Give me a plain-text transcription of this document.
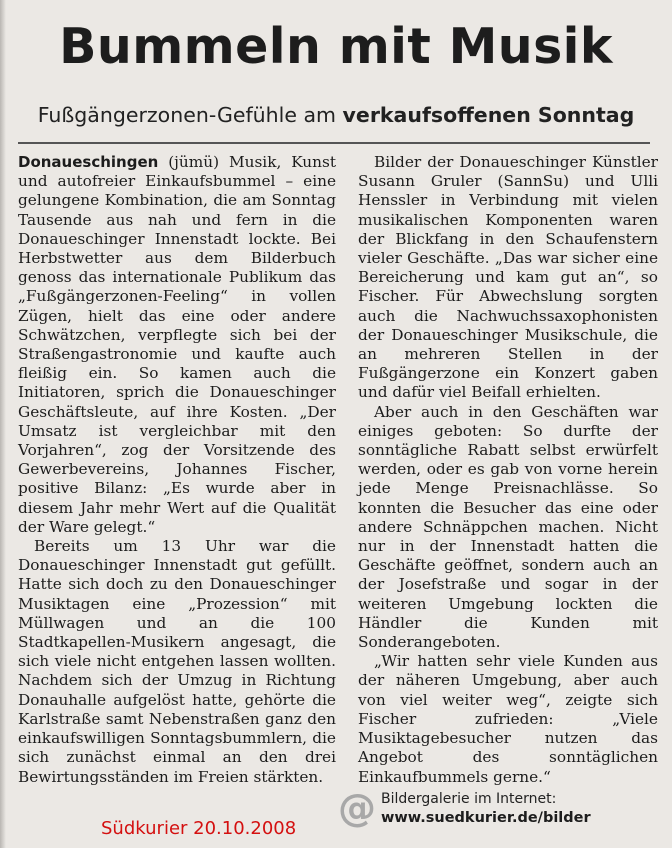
Bummeln mit Musik
Fußgängerzonen-Gefühle am verkaufsoffenen Sonntag

Donaueschingen (jümü) Musik, Kunst und autofreier Einkaufsbummel – eine gelungene Kombination, die am Sonntag Tausende aus nah und fern in die Donaueschinger Innenstadt lockte. Bei Herbstwetter aus dem Bilderbuch genoss das internationale Publikum das „Fußgängerzonen-Feeling“ in vollen Zügen, hielt das eine oder andere Schwätzchen, verpflegte sich bei der Straßengastronomie und kaufte auch fleißig ein. So kamen auch die Initiatoren, sprich die Donaueschinger Geschäftsleute, auf ihre Kosten. „Der Umsatz ist vergleichbar mit den Vorjahren“, zog der Vorsitzende des Gewerbevereins, Johannes Fischer, positive Bilanz: „Es wurde aber in diesem Jahr mehr Wert auf die Qualität der Ware gelegt.“

Bereits um 13 Uhr war die Donaueschinger Innenstadt gut gefüllt. Hatte sich doch zu den Donaueschinger Musiktagen eine „Prozession“ mit Müllwagen und an die 100 Stadtkapellen-Musikern angesagt, die sich viele nicht entgehen lassen wollten. Nachdem sich der Umzug in Richtung Donauhalle aufgelöst hatte, gehörte die Karlstraße samt Nebenstraßen ganz den einkaufswilligen Sonntagsbummlern, die sich zunächst einmal an den drei Bewirtungsständen im Freien stärkten.

Bilder der Donaueschinger Künstler Susann Gruler (SannSu) und Ulli Henssler in Verbindung mit vielen musikalischen Komponenten waren der Blickfang in den Schaufenstern vieler Geschäfte. „Das war sicher eine Bereicherung und kam gut an“, so Fischer. Für Abwechslung sorgten auch die Nachwuchssaxophonisten der Donaueschinger Musikschule, die an mehreren Stellen in der Fußgängerzone ein Konzert gaben und dafür viel Beifall erhielten.

Aber auch in den Geschäften war einiges geboten: So durfte der sonntägliche Rabatt selbst erwürfelt werden, oder es gab von vorne herein jede Menge Preisnachlässe. So konnten die Besucher das eine oder andere Schnäppchen machen. Nicht nur in der Innenstadt hatten die Geschäfte geöffnet, sondern auch an der Josefstraße und sogar in der weiteren Umgebung lockten die Händler die Kunden mit Sonderangeboten.

„Wir hatten sehr viele Kunden aus der näheren Umgebung, aber auch von viel weiter weg“, zeigte sich Fischer zufrieden: „Viele Musiktagebesucher nutzen das Angebot des sonntäglichen Einkaufbummels gerne.“

Südkurier 20.10.2008 @ Bildergalerie im Internet:
www.suedkurier.de/bilder
